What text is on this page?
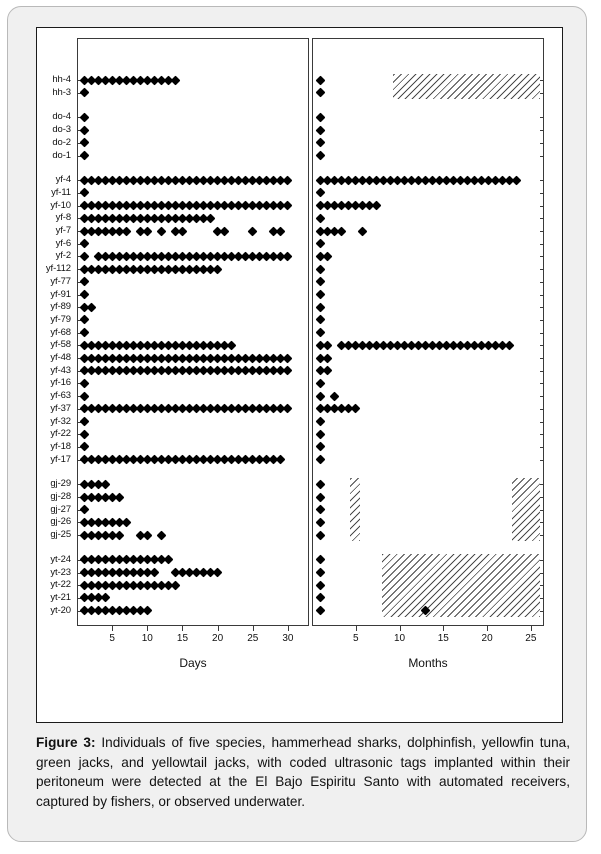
hh-4
hh-3
do-4
do-3
do-2
do-1
yf-4
yf-11
yf-10
yf-8
yf-7
yf-6
yf-2
yf-112
yf-77
yf-91
yf-89
yf-79
yf-68
yf-58
yf-48
yf-43
yf-16
yf-63
yf-37
yf-32
yf-22
yf-18
yf-17
gj-29
gj-28
gj-27
gj-26
gj-25
yt-24
yt-23
yt-22
yt-21
yt-20
5	10	15	20	25	30
Days
5	10	15	20	25
Months
Figure 3: Individuals of five species, hammerhead sharks, dolphinfish, yellowfin tuna, green jacks, and yellowtail jacks, with coded ultrasonic tags implanted within their peritoneum were detected at the El Bajo Espiritu Santo with automated receivers, captured by fishers, or observed underwater.
